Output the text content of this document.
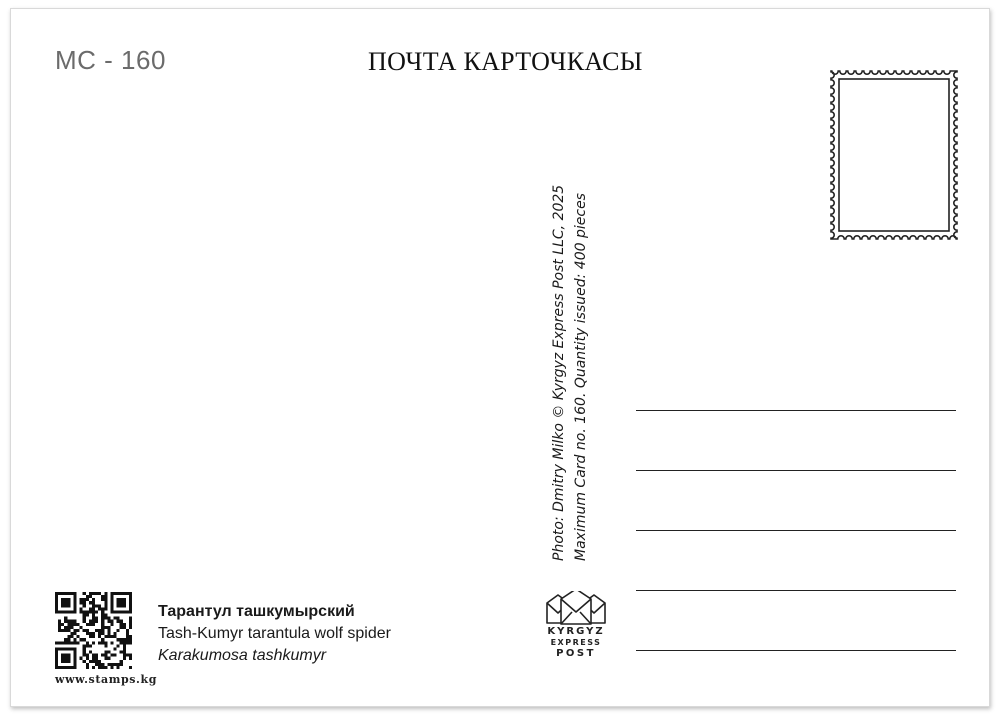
MC - 160	ПОЧТА КАРТОЧКАСЫ
Photo: Dmitry Milko © Kyrgyz Express Post LLC, 2025 Maximum Card no. 160. Quantity issued: 400 pieces
www.stamps.kg
Тарантул ташкумырский
Tash-Kumyr tarantula wolf spider
Karakumosa tashkumyr
KYRGYZ
EXPRESS
POST
